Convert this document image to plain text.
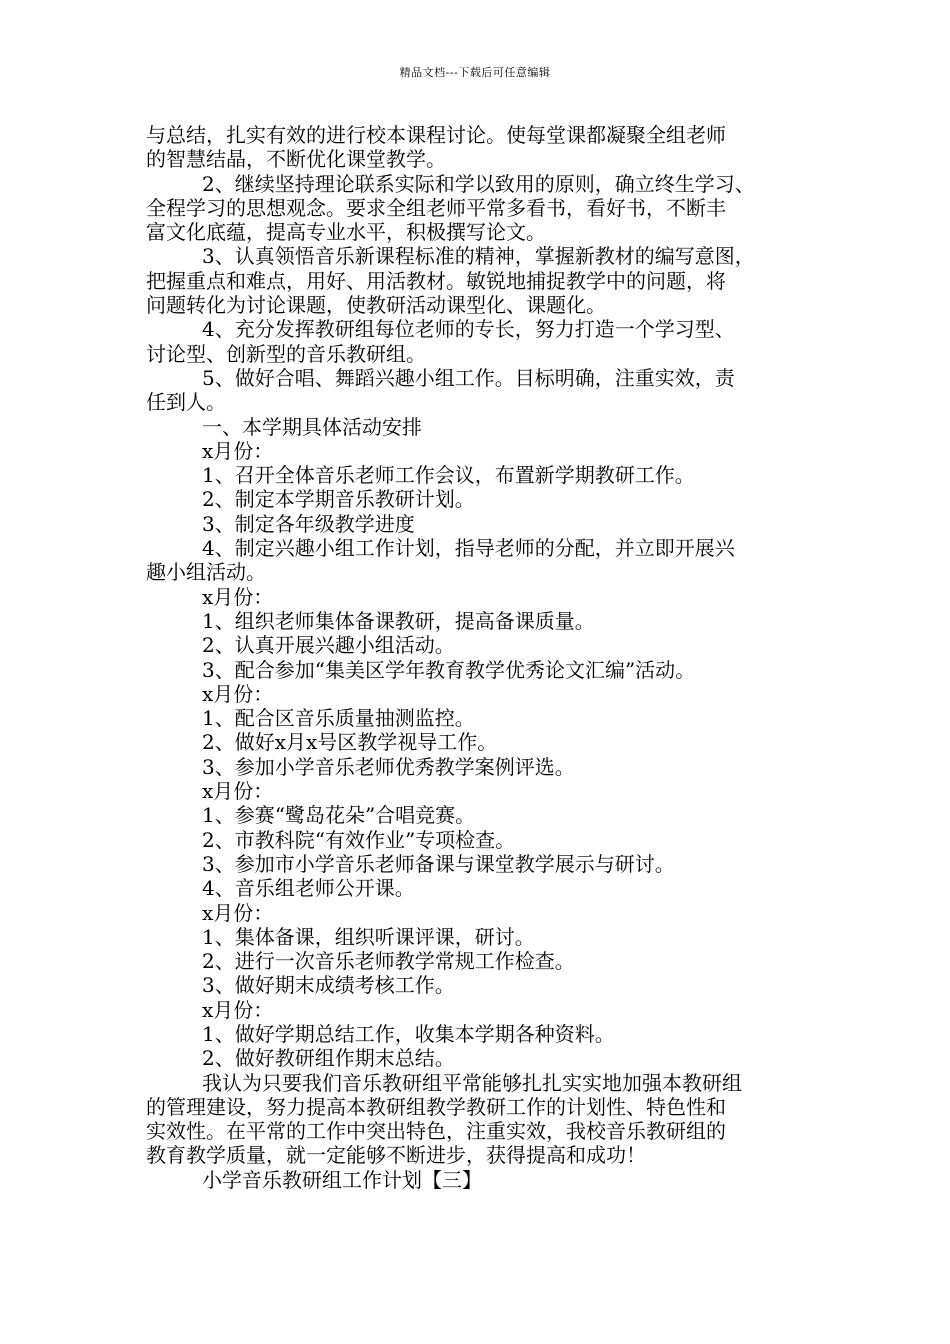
精品文档---下载后可任意编辑
与总结，扎实有效的进行校本课程讨论。使每堂课都凝聚全组老师
的智慧结晶，不断优化课堂教学。
2、继续坚持理论联系实际和学以致用的原则，确立终生学习、
全程学习的思想观念。要求全组老师平常多看书，看好书，不断丰
富文化底蕴，提高专业水平，积极撰写论文。
3、认真领悟音乐新课程标准的精神，掌握新教材的编写意图，
把握重点和难点，用好、用活教材。敏锐地捕捉教学中的问题，将
问题转化为讨论课题，使教研活动课型化、课题化。
4、充分发挥教研组每位老师的专长，努力打造一个学习型、
讨论型、创新型的音乐教研组。
5、做好合唱、舞蹈兴趣小组工作。目标明确，注重实效，责
任到人。
一、本学期具体活动安排
x月份：
1、召开全体音乐老师工作会议，布置新学期教研工作。
2、制定本学期音乐教研计划。
3、制定各年级教学进度
4、制定兴趣小组工作计划，指导老师的分配，并立即开展兴
趣小组活动。
x月份：
1、组织老师集体备课教研，提高备课质量。
2、认真开展兴趣小组活动。
3、配合参加“集美区学年教育教学优秀论文汇编”活动。
x月份：
1、配合区音乐质量抽测监控。
2、做好x月x号区教学视导工作。
3、参加小学音乐老师优秀教学案例评选。
x月份：
1、参赛“鹭岛花朵”合唱竞赛。
2、市教科院“有效作业”专项检查。
3、参加市小学音乐老师备课与课堂教学展示与研讨。
4、音乐组老师公开课。
x月份：
1、集体备课，组织听课评课，研讨。
2、进行一次音乐老师教学常规工作检查。
3、做好期末成绩考核工作。
x月份：
1、做好学期总结工作，收集本学期各种资料。
2、做好教研组作期末总结。
我认为只要我们音乐教研组平常能够扎扎实实地加强本教研组
的管理建设，努力提高本教研组教学教研工作的计划性、特色性和
实效性。在平常的工作中突出特色，注重实效，我校音乐教研组的
教育教学质量，就一定能够不断进步，获得提高和成功！
小学音乐教研组工作计划【三】
